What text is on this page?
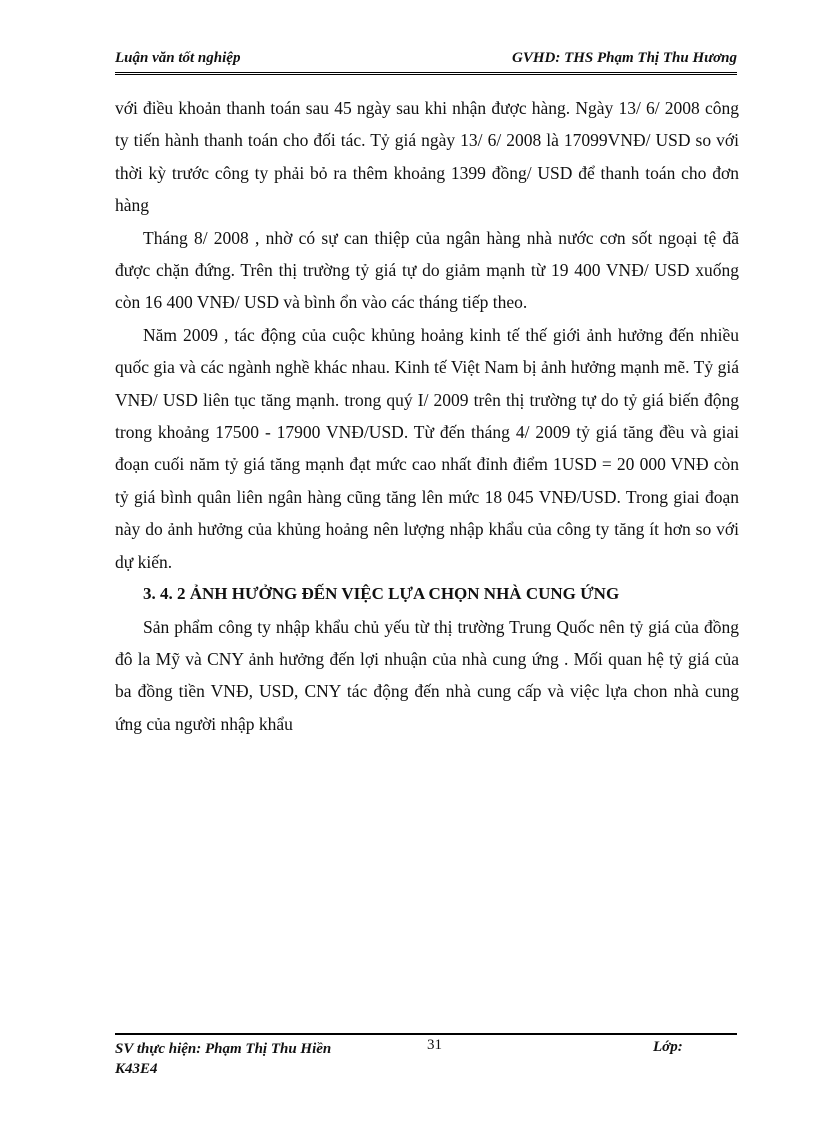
Luận văn tốt nghiệp	GVHD: THS Phạm Thị Thu Hương

với điều khoản thanh toán sau 45 ngày sau khi nhận được hàng. Ngày 13/ 6/ 2008 công ty tiến hành thanh toán cho đối tác. Tỷ giá ngày 13/ 6/ 2008 là 17099VNĐ/ USD so với thời kỳ trước công ty phải bỏ ra thêm khoảng 1399 đồng/ USD để thanh toán cho đơn hàng

Tháng 8/ 2008 , nhờ có sự can thiệp của ngân hàng nhà nước cơn sốt ngoại tệ đã được chặn đứng. Trên thị trường tỷ giá tự do giảm mạnh từ 19 400 VNĐ/ USD xuống còn 16 400 VNĐ/ USD và bình ổn vào các tháng tiếp theo.

Năm 2009 , tác động của cuộc khủng hoảng kinh tế thế giới ảnh hưởng đến nhiều quốc gia và các ngành nghề khác nhau. Kinh tế Việt Nam bị ảnh hưởng mạnh mẽ. Tỷ giá VNĐ/ USD liên tục tăng mạnh. trong quý I/ 2009 trên thị trường tự do tỷ giá biến động trong khoảng 17500 - 17900 VNĐ/USD. Từ đến tháng 4/ 2009 tỷ giá tăng đều và giai đoạn cuối năm tỷ giá tăng mạnh đạt mức cao nhất đỉnh điểm 1USD = 20 000 VNĐ còn tỷ giá bình quân liên ngân hàng cũng tăng lên mức 18 045 VNĐ/USD. Trong giai đoạn này do ảnh hưởng của khủng hoảng nên lượng nhập khẩu của công ty tăng ít hơn so với dự kiến.

3. 4. 2 ẢNH HƯỞNG ĐẾN VIỆC LỰA CHỌN NHÀ CUNG ỨNG

Sản phẩm công ty nhập khẩu chủ yếu từ thị trường Trung Quốc nên tỷ giá của đồng đô la Mỹ và CNY ảnh hưởng đến lợi nhuận của nhà cung ứng . Mối quan hệ tỷ giá của ba đồng tiền VNĐ, USD, CNY tác động đến nhà cung cấp và việc lựa chon nhà cung ứng của người nhập khẩu

SV thực hiện: Phạm Thị Thu Hiền K43E4
31	Lớp:
